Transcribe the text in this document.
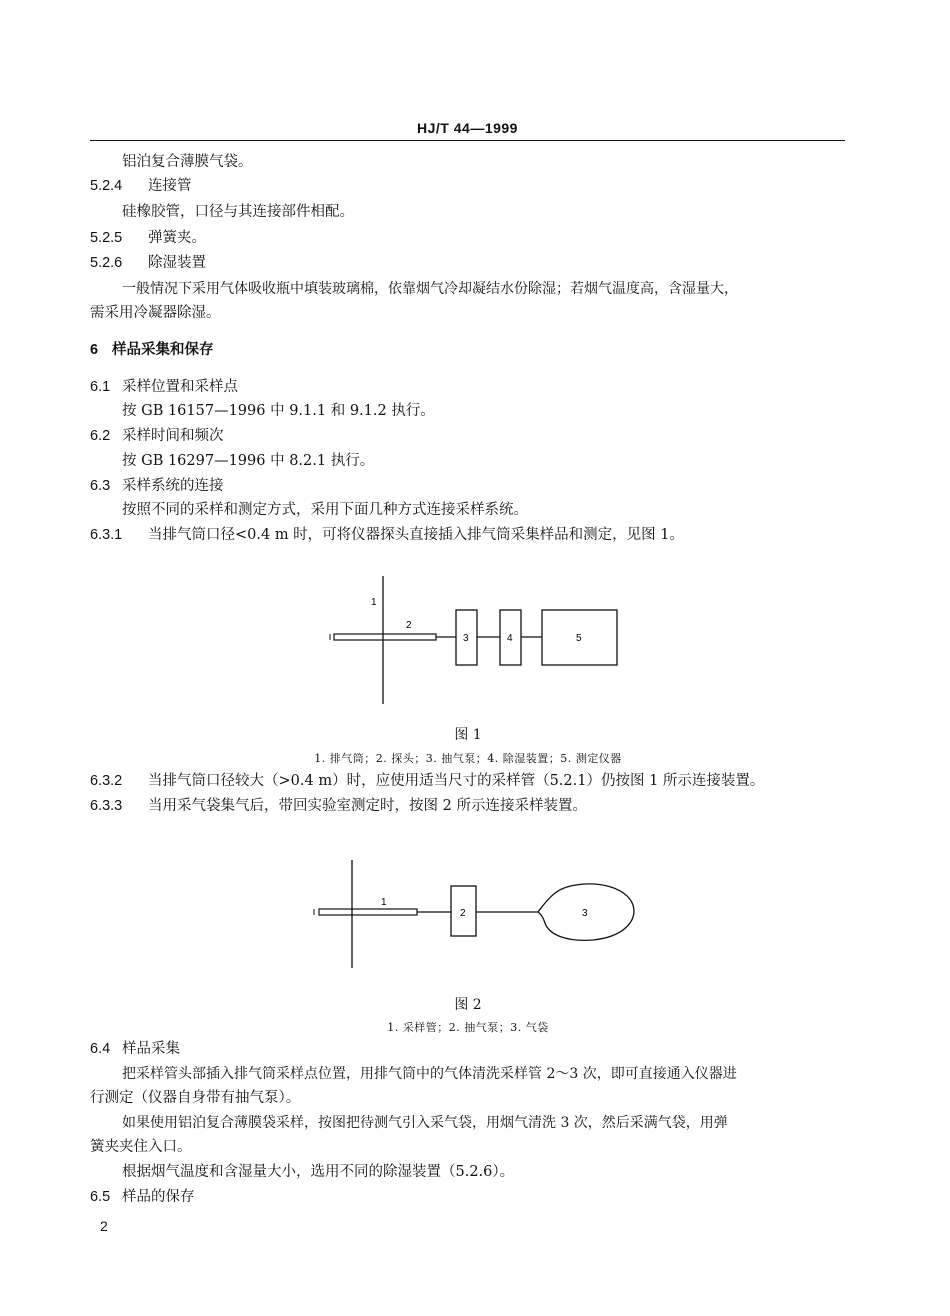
HJ/T 44—1999
铝泊复合薄膜气袋。
5.2.4 连接管
硅橡胶管，口径与其连接部件相配。
5.2.5 弹簧夹。
5.2.6 除湿装置
一般情况下采用气体吸收瓶中填装玻璃棉，依靠烟气冷却凝结水份除湿；若烟气温度高，含湿量大，
需采用冷凝器除湿。
6 样品采集和保存
6.1 采样位置和采样点
按 GB 16157—1996 中 9.1.1 和 9.1.2 执行。
6.2 采样时间和频次
按 GB 16297—1996 中 8.2.1 执行。
6.3 采样系统的连接
按照不同的采样和测定方式，采用下面几种方式连接采样系统。
6.3.1 当排气筒口径<0.4 m 时，可将仪器探头直接插入排气筒采集样品和测定，见图 1。
1
2
3	4	5
图 1
1. 排气筒；2. 探头；3. 抽气泵；4. 除湿装置；5. 测定仪器
6.3.2 当排气筒口径较大（>0.4 m）时，应使用适当尺寸的采样管（5.2.1）仍按图 1 所示连接装置。
6.3.3 当用采气袋集气后，带回实验室测定时，按图 2 所示连接采样装置。
1
2	3
图 2
1. 采样管；2. 抽气泵；3. 气袋
6.4 样品采集
把采样管头部插入排气筒采样点位置，用排气筒中的气体清洗采样管 2～3 次，即可直接通入仪器进
行测定（仪器自身带有抽气泵）。
如果使用铝泊复合薄膜袋采样，按图把待测气引入采气袋，用烟气清洗 3 次，然后采满气袋，用弹
簧夹夹住入口。
根据烟气温度和含湿量大小，选用不同的除湿装置（5.2.6）。
6.5 样品的保存
2
